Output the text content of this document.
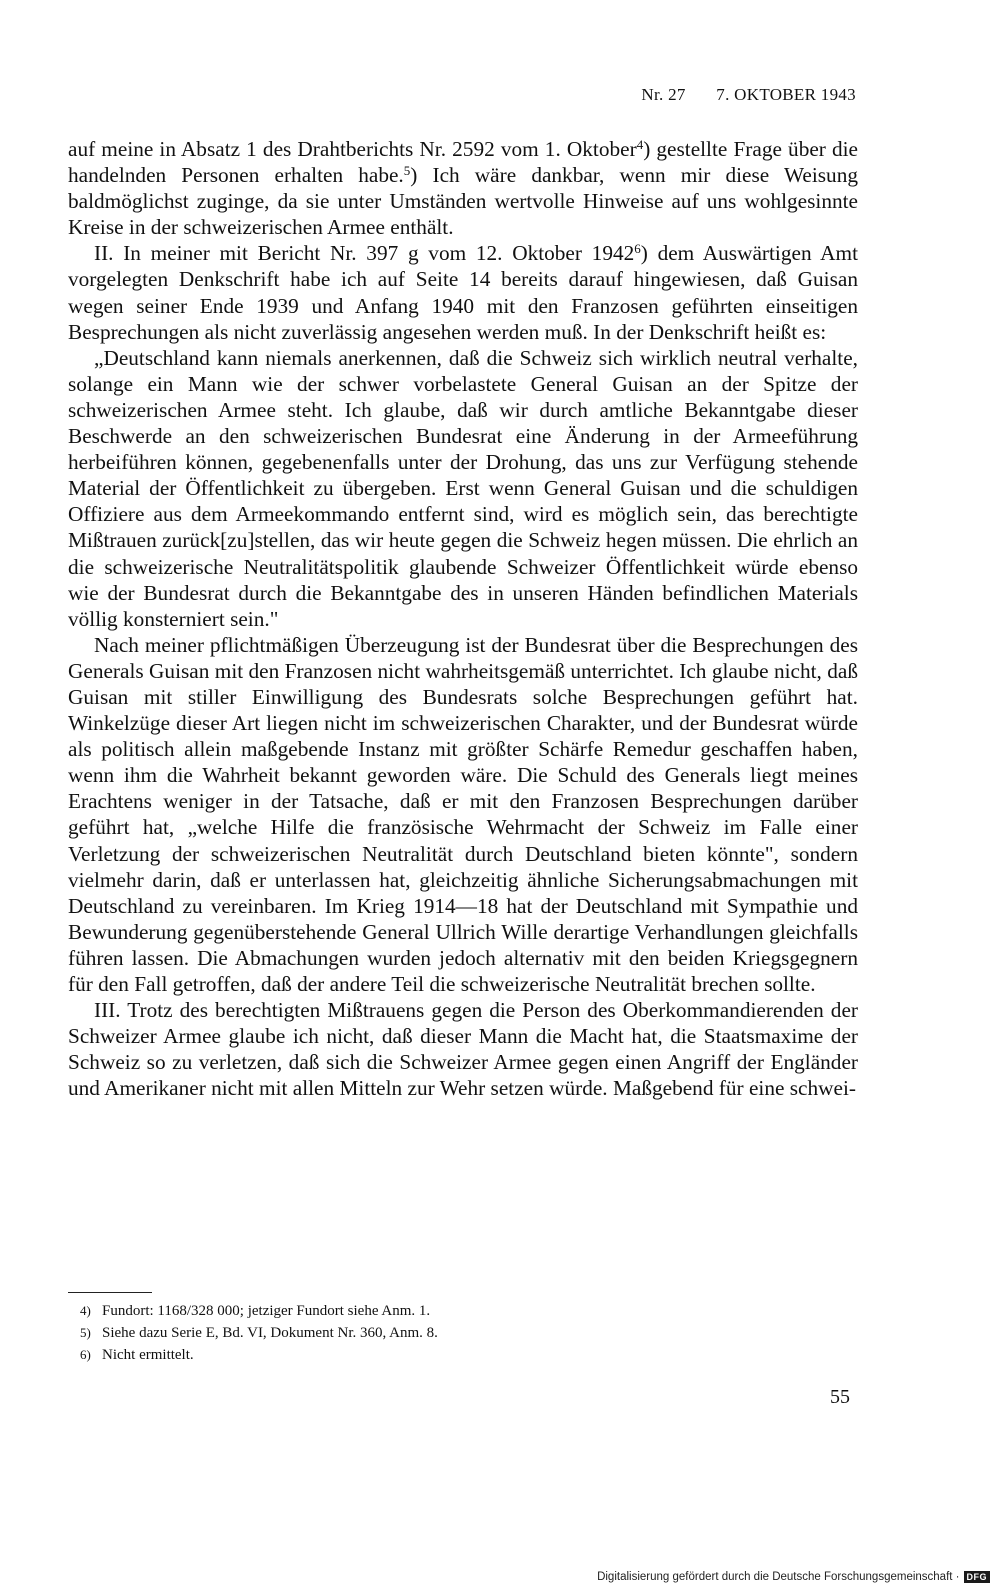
Nr. 27 7. OKTOBER 1943

auf meine in Absatz 1 des Drahtberichts Nr. 2592 vom 1. Oktober$^4$) gestellte Frage über die handelnden Personen erhalten habe.$^5$) Ich wäre dankbar, wenn mir diese Weisung baldmöglichst zuginge, da sie unter Umständen wertvolle Hinweise auf uns wohlgesinnte Kreise in der schweizerischen Armee enthält.

II. In meiner mit Bericht Nr. 397 g vom 12. Oktober 1942$^6$) dem Auswärtigen Amt vorgelegten Denkschrift habe ich auf Seite 14 bereits darauf hingewiesen, daß Guisan wegen seiner Ende 1939 und Anfang 1940 mit den Franzosen geführten einseitigen Besprechungen als nicht zuverlässig angesehen werden muß. In der Denkschrift heißt es:

„Deutschland kann niemals anerkennen, daß die Schweiz sich wirklich neutral verhalte, solange ein Mann wie der schwer vorbelastete General Guisan an der Spitze der schweizerischen Armee steht. Ich glaube, daß wir durch amtliche Bekanntgabe dieser Beschwerde an den schweizerischen Bundesrat eine Änderung in der Armeeführung herbeiführen können, gegebenenfalls unter der Drohung, das uns zur Verfügung stehende Material der Öffentlichkeit zu übergeben. Erst wenn General Guisan und die schuldigen Offiziere aus dem Armeekommando entfernt sind, wird es möglich sein, das berechtigte Mißtrauen zurück[zu]stellen, das wir heute gegen die Schweiz hegen müssen. Die ehrlich an die schweizerische Neutralitätspolitik glaubende Schweizer Öffentlichkeit würde ebenso wie der Bundesrat durch die Bekanntgabe des in unseren Händen befindlichen Materials völlig konsterniert sein."

Nach meiner pflichtmäßigen Überzeugung ist der Bundesrat über die Besprechungen des Generals Guisan mit den Franzosen nicht wahrheitsgemäß unterrichtet. Ich glaube nicht, daß Guisan mit stiller Einwilligung des Bundesrats solche Besprechungen geführt hat. Winkelzüge dieser Art liegen nicht im schweizerischen Charakter, und der Bundesrat würde als politisch allein maßgebende Instanz mit größter Schärfe Remedur geschaffen haben, wenn ihm die Wahrheit bekannt geworden wäre. Die Schuld des Generals liegt meines Erachtens weniger in der Tatsache, daß er mit den Franzosen Besprechungen darüber geführt hat, „welche Hilfe die französische Wehrmacht der Schweiz im Falle einer Verletzung der schweizerischen Neutralität durch Deutschland bieten könnte", sondern vielmehr darin, daß er unterlassen hat, gleichzeitig ähnliche Sicherungsabmachungen mit Deutschland zu vereinbaren. Im Krieg 1914—18 hat der Deutschland mit Sympathie und Bewunderung gegenüberstehende General Ullrich Wille derartige Verhandlungen gleichfalls führen lassen. Die Abmachungen wurden jedoch alternativ mit den beiden Kriegsgegnern für den Fall getroffen, daß der andere Teil die schweizerische Neutralität brechen sollte.

III. Trotz des berechtigten Mißtrauens gegen die Person des Oberkommandierenden der Schweizer Armee glaube ich nicht, daß dieser Mann die Macht hat, die Staatsmaxime der Schweiz so zu verletzen, daß sich die Schweizer Armee gegen einen Angriff der Engländer und Amerikaner nicht mit allen Mitteln zur Wehr setzen würde. Maßgebend für eine schwei-

4) Fundort: 1168/328 000; jetziger Fundort siehe Anm. 1.
5) Siehe dazu Serie E, Bd. VI, Dokument Nr. 360, Anm. 8.
6) Nicht ermittelt.
55
Digitalisierung gefördert durch die Deutsche Forschungsgemeinschaft · DFG
